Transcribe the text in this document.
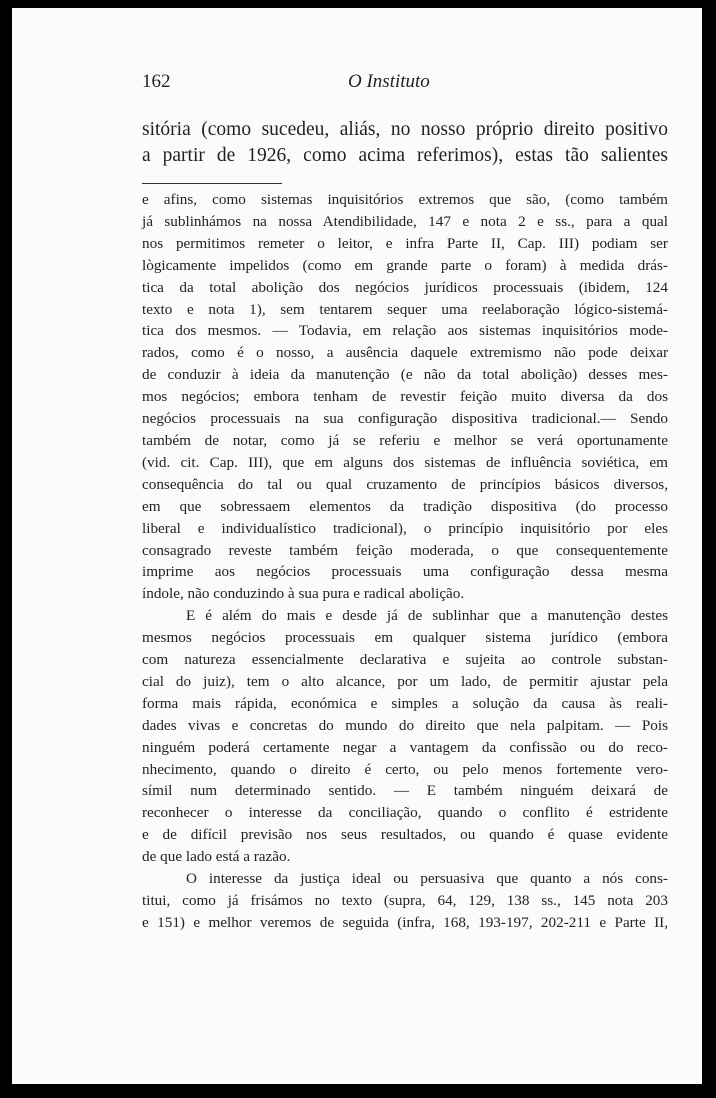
162	O Instituto
sitória (como sucedeu, aliás, no nosso próprio direito positivo
a partir de 1926, como acima referimos), estas tão salientes
e afins, como sistemas inquisitórios extremos que são, (como também
já sublinhámos na nossa Atendibilidade, 147 e nota 2 e ss., para a qual
nos permitimos remeter o leitor, e infra Parte II, Cap. III) podiam ser
lògicamente impelidos (como em grande parte o foram) à medida drás-
tica da total abolição dos negócios jurídicos processuais (ibidem, 124
texto e nota 1), sem tentarem sequer uma reelaboração lógico-sistemá-
tica dos mesmos. — Todavia, em relação aos sistemas inquisitórios mode-
rados, como é o nosso, a ausência daquele extremismo não pode deixar
de conduzir à ideia da manutenção (e não da total abolição) desses mes-
mos negócios; embora tenham de revestir feição muito diversa da dos
negócios processuais na sua configuração dispositiva tradicional.— Sendo
também de notar, como já se referiu e melhor se verá oportunamente
(vid. cit. Cap. III), que em alguns dos sistemas de influência soviética, em
consequência do tal ou qual cruzamento de princípios básicos diversos,
em que sobressaem elementos da tradição dispositiva (do processo
liberal e individualístico tradicional), o princípio inquisitório por eles
consagrado reveste também feição moderada, o que consequentemente
imprime aos negócios processuais uma configuração dessa mesma
índole, não conduzindo à sua pura e radical abolição.
E é além do mais e desde já de sublinhar que a manutenção destes
mesmos negócios processuais em qualquer sistema jurídico (embora
com natureza essencialmente declarativa e sujeita ao controle substan-
cial do juiz), tem o alto alcance, por um lado, de permitir ajustar pela
forma mais rápida, económica e simples a solução da causa às reali-
dades vivas e concretas do mundo do direito que nela palpitam. — Pois
ninguém poderá certamente negar a vantagem da confissão ou do reco-
nhecimento, quando o direito é certo, ou pelo menos fortemente vero-
símil num determinado sentido. — E também ninguém deixará de
reconhecer o interesse da conciliação, quando o conflito é estridente
e de difícil previsão nos seus resultados, ou quando é quase evidente
de que lado está a razão.
O interesse da justiça ideal ou persuasiva que quanto a nós cons-
titui, como já frisámos no texto (supra, 64, 129, 138 ss., 145 nota 203
e 151) e melhor veremos de seguida (infra, 168, 193-197, 202-211 e Parte II,
